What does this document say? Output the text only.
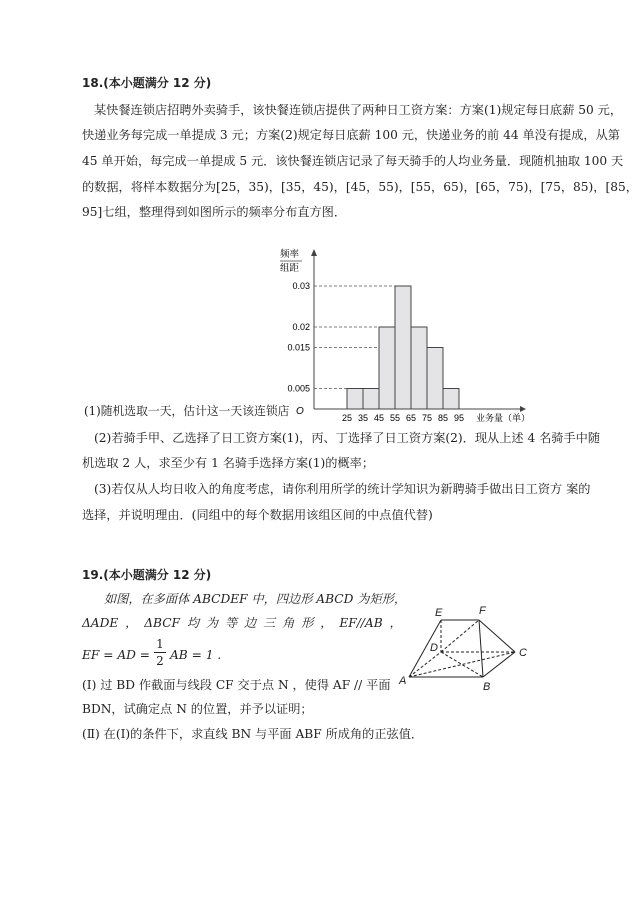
18.(本小题满分 12 分)
某快餐连锁店招聘外卖骑手，该快餐连锁店提供了两种日工资方案：方案(1)规定每日底薪 50 元，
快递业务每完成一单提成 3 元；方案(2)规定每日底薪 100 元，快递业务的前 44 单没有提成，从第
45 单开始，每完成一单提成 5 元．该快餐连锁店记录了每天骑手的人均业务量．现随机抽取 100 天
的数据，将样本数据分为[25，35)，[35，45)，[45，55)，[55，65)，[65，75)，[75，85)，[85，
95]七组，整理得到如图所示的频率分布直方图．
频率
组距
O
业务量（单）
25 35 45 55 65 75 85 95
0.005
0.015
0.02
0.03
(1)随机选取一天，估计这一天该连锁店
(2)若骑手甲、乙选择了日工资方案(1)，丙、丁选择了日工资方案(2)．现从上述 4 名骑手中随
机选取 2 人，求至少有 1 名骑手选择方案(1)的概率；
(3)若仅从人均日收入的角度考虑，请你利用所学的统计学知识为新聘骑手做出日工资方 案的
选择，并说明理由．(同组中的每个数据用该组区间的中点值代替)
19.(本小题满分 12 分)
如图，在多面体 ABCDEF 中，四边形 ABCD 为矩形，
ΔADE ， ΔBCF 均 为 等 边 三 角 形 ， EF//AB ，
EF = AD =
1
2 AB = 1 .
(Ⅰ) 过 BD 作截面与线段 CF 交于点 N ，使得 AF // 平面
BDN，试确定点 N 的位置，并予以证明；
(Ⅱ) 在(Ⅰ)的条件下，求直线 BN 与平面 ABF 所成角的正弦值．
E	F
D	C
A	B
